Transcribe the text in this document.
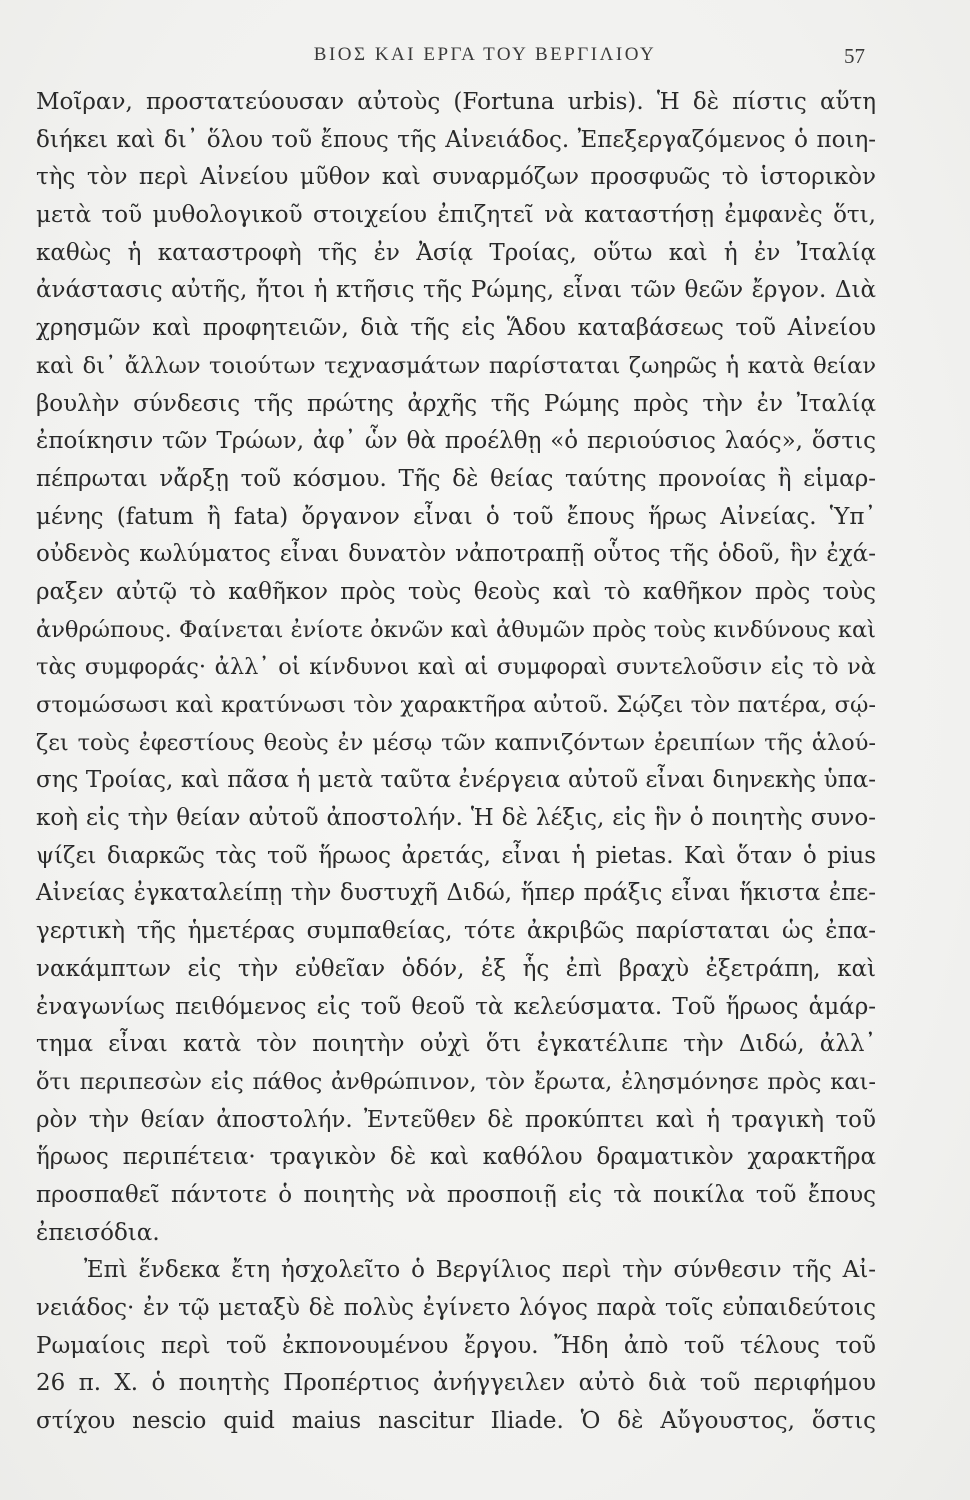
ΒΙΟΣ ΚΑΙ ΕΡΓΑ ΤΟΥ ΒΕΡΓΙΛΙΟΥ	57
Μοῖραν, προστατεύουσαν αὐτοὺς (Fortuna urbis). Ἡ δὲ πίστις αὕτη
διήκει καὶ δι᾽ ὅλου τοῦ ἔπους τῆς Αἰνειάδος. Ἐπεξεργαζόμενος ὁ ποιη-
τὴς τὸν περὶ Αἰνείου μῦθον καὶ συναρμόζων προσφυῶς τὸ ἱστορικὸν
μετὰ τοῦ μυθολογικοῦ στοιχείου ἐπιζητεῖ νὰ καταστήσῃ ἐμφανὲς ὅτι,
καθὼς ἡ καταστροφὴ τῆς ἐν Ἀσίᾳ Τροίας, οὕτω καὶ ἡ ἐν Ἰταλίᾳ
ἀνάστασις αὐτῆς, ἤτοι ἡ κτῆσις τῆς Ρώμης, εἶναι τῶν θεῶν ἔργον. Διὰ
χρησμῶν καὶ προφητειῶν, διὰ τῆς εἰς Ἅδου καταβάσεως τοῦ Αἰνείου
καὶ δι᾽ ἄλλων τοιούτων τεχνασμάτων παρίσταται ζωηρῶς ἡ κατὰ θείαν
βουλὴν σύνδεσις τῆς πρώτης ἀρχῆς τῆς Ρώμης πρὸς τὴν ἐν Ἰταλίᾳ
ἐποίκησιν τῶν Τρώων, ἀφ᾽ ὧν θὰ προέλθῃ «ὁ περιούσιος λαός», ὅστις
πέπρωται νἄρξῃ τοῦ κόσμου. Τῆς δὲ θείας ταύτης προνοίας ἢ εἱμαρ-
μένης (fatum ἢ fata) ὄργανον εἶναι ὁ τοῦ ἔπους ἥρως Αἰνείας. Ὑπ᾽
οὐδενὸς κωλύματος εἶναι δυνατὸν νἀποτραπῇ οὗτος τῆς ὁδοῦ, ἣν ἐχά-
ραξεν αὐτῷ τὸ καθῆκον πρὸς τοὺς θεοὺς καὶ τὸ καθῆκον πρὸς τοὺς
ἀνθρώπους. Φαίνεται ἐνίοτε ὀκνῶν καὶ ἀθυμῶν πρὸς τοὺς κινδύνους καὶ
τὰς συμφοράς· ἀλλ᾽ οἱ κίνδυνοι καὶ αἱ συμφοραὶ συντελοῦσιν εἰς τὸ νὰ
στομώσωσι καὶ κρατύνωσι τὸν χαρακτῆρα αὐτοῦ. Σῴζει τὸν πατέρα, σῴ-
ζει τοὺς ἐφεστίους θεοὺς ἐν μέσῳ τῶν καπνιζόντων ἐρειπίων τῆς ἁλού-
σης Τροίας, καὶ πᾶσα ἡ μετὰ ταῦτα ἐνέργεια αὐτοῦ εἶναι διηνεκὴς ὑπα-
κοὴ εἰς τὴν θείαν αὐτοῦ ἀποστολήν. Ἡ δὲ λέξις, εἰς ἣν ὁ ποιητὴς συνο-
ψίζει διαρκῶς τὰς τοῦ ἥρωος ἀρετάς, εἶναι ἡ pietas. Καὶ ὅταν ὁ pius
Αἰνείας ἐγκαταλείπῃ τὴν δυστυχῆ Διδώ, ἥπερ πράξις εἶναι ἥκιστα ἐπε-
γερτικὴ τῆς ἡμετέρας συμπαθείας, τότε ἀκριβῶς παρίσταται ὡς ἐπα-
νακάμπτων εἰς τὴν εὐθεῖαν ὁδόν, ἐξ ἧς ἐπὶ βραχὺ ἐξετράπη, καὶ
ἐναγωνίως πειθόμενος εἰς τοῦ θεοῦ τὰ κελεύσματα. Τοῦ ἥρωος ἁμάρ-
τημα εἶναι κατὰ τὸν ποιητὴν οὐχὶ ὅτι ἐγκατέλιπε τὴν Διδώ, ἀλλ᾽
ὅτι περιπεσὼν εἰς πάθος ἀνθρώπινον, τὸν ἔρωτα, ἐλησμόνησε πρὸς και-
ρὸν τὴν θείαν ἀποστολήν. Ἐντεῦθεν δὲ προκύπτει καὶ ἡ τραγικὴ τοῦ
ἥρωος περιπέτεια· τραγικὸν δὲ καὶ καθόλου δραματικὸν χαρακτῆρα
προσπαθεῖ πάντοτε ὁ ποιητὴς νὰ προσποιῇ εἰς τὰ ποικίλα τοῦ ἔπους
ἐπεισόδια.
Ἐπὶ ἕνδεκα ἔτη ἠσχολεῖτο ὁ Βεργίλιος περὶ τὴν σύνθεσιν τῆς Αἰ-
νειάδος· ἐν τῷ μεταξὺ δὲ πολὺς ἐγίνετο λόγος παρὰ τοῖς εὐπαιδεύτοις
Ρωμαίοις περὶ τοῦ ἐκπονουμένου ἔργου. Ἤδη ἀπὸ τοῦ τέλους τοῦ
26 π. Χ. ὁ ποιητὴς Προπέρτιος ἀνήγγειλεν αὐτὸ διὰ τοῦ περιφήμου
στίχου nescio quid maius nascitur Iliade. Ὁ δὲ Αὔγουστος, ὅστις
